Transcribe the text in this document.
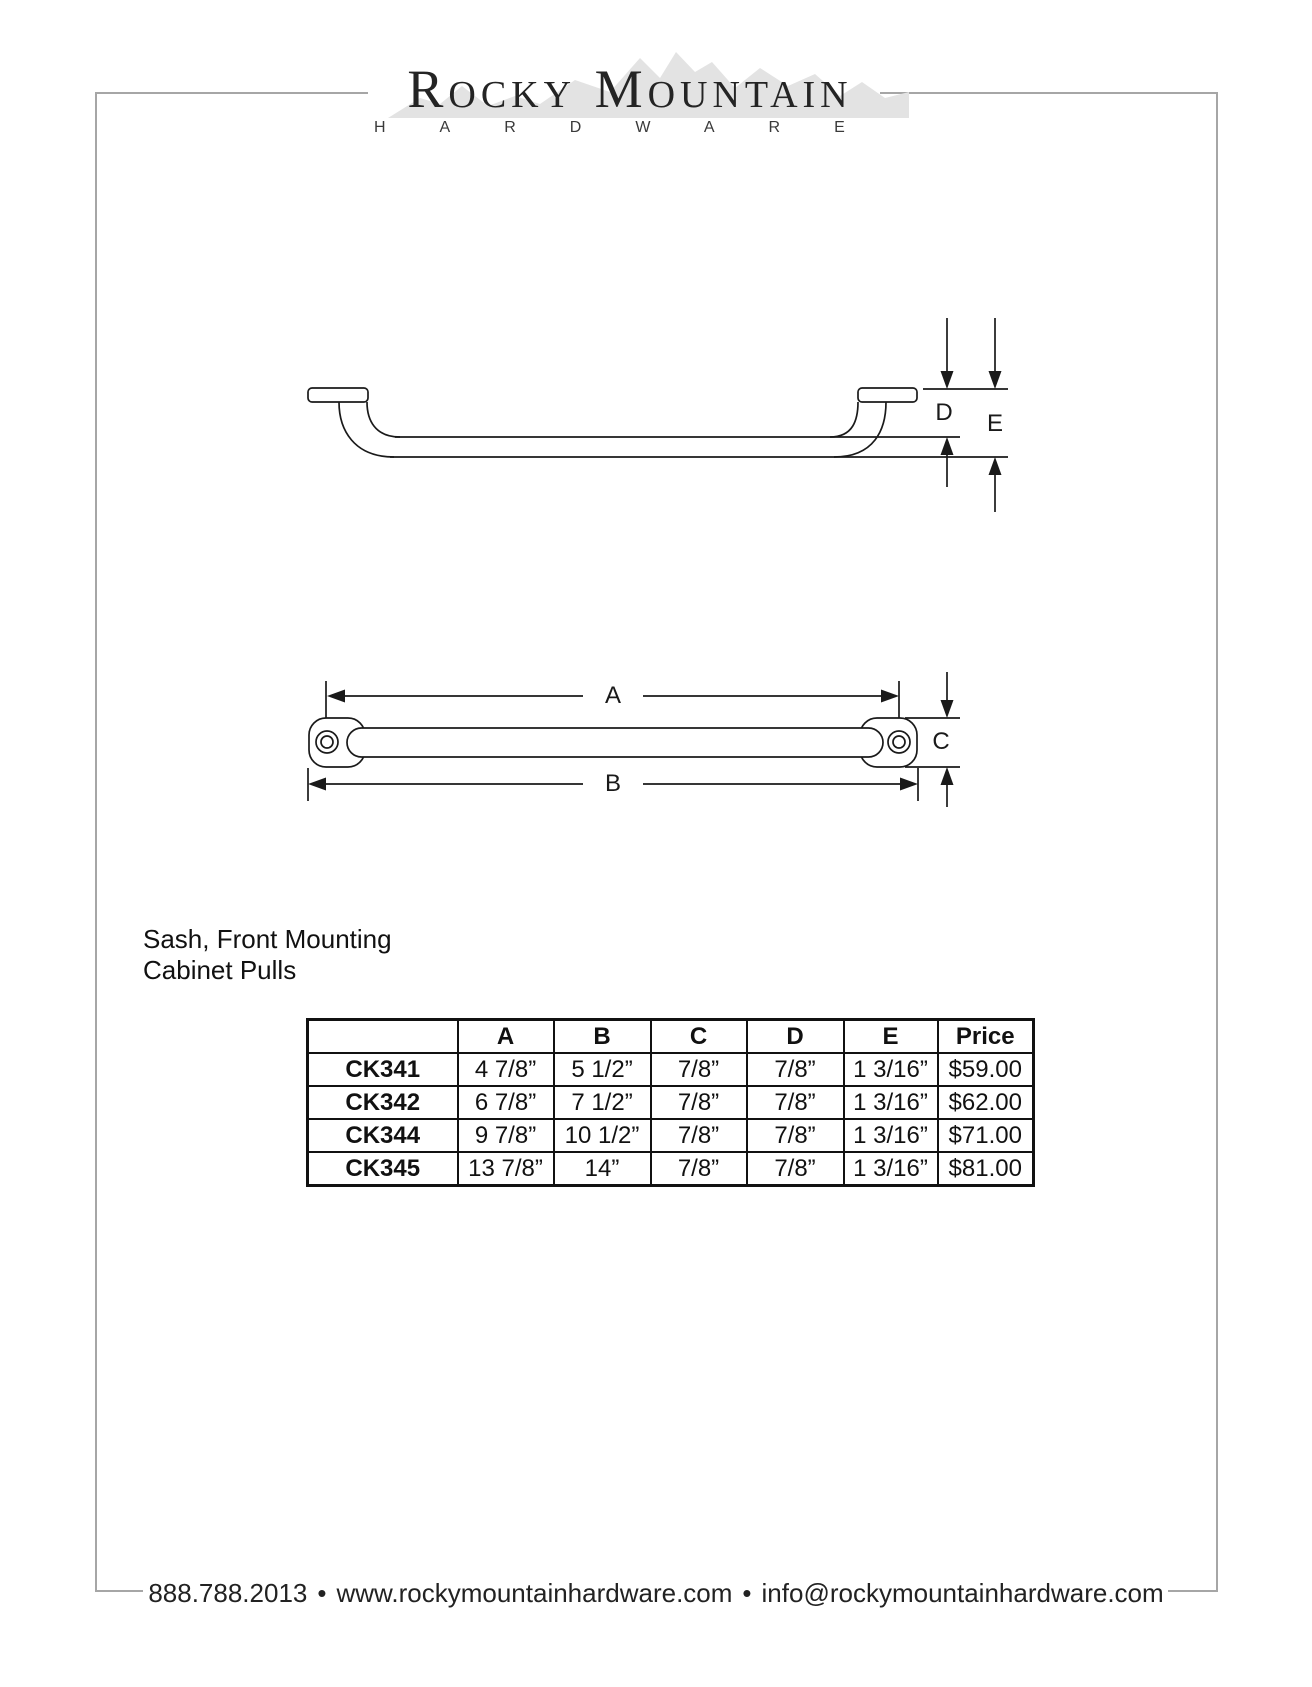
Rocky Mountain
HARDWARE
A
B
C
D E
Sash, Front Mounting
Cabinet Pulls
	A	B	C	D	E	Price
CK341	4 7/8”	5 1/2”	7/8”	7/8”	1 3/16”	$59.00
CK342	6 7/8”	7 1/2”	7/8”	7/8”	1 3/16”	$62.00
CK344	9 7/8”	10 1/2”	7/8”	7/8”	1 3/16”	$71.00
CK345	13 7/8”	14”	7/8”	7/8”	1 3/16”	$81.00
888.788.2013 • www.rockymountainhardware.com • info@rockymountainhardware.com
